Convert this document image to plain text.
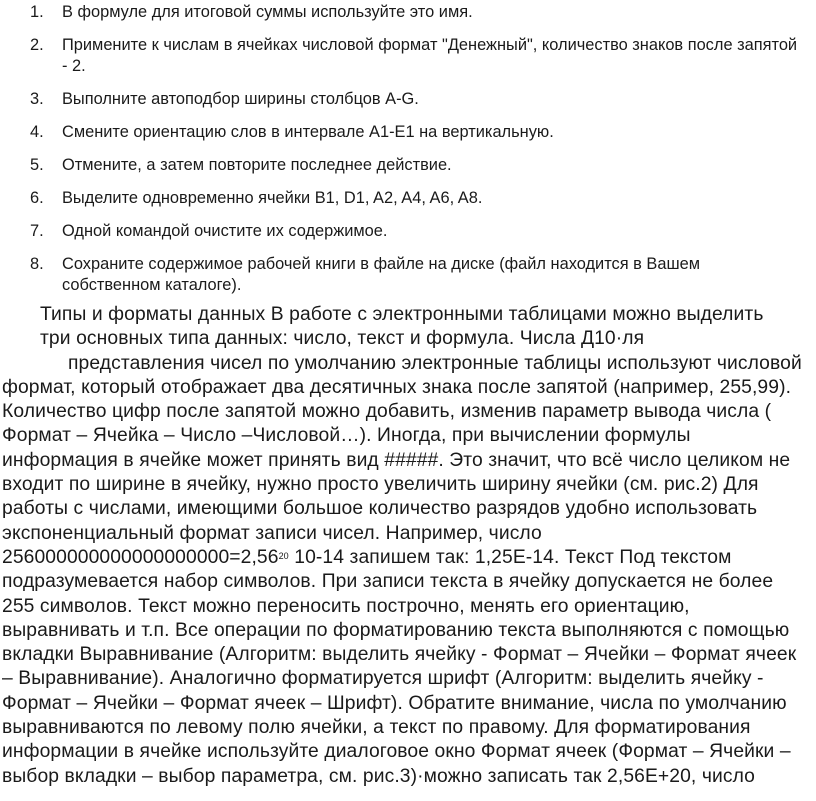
1. В формуле для итоговой суммы используйте это имя.
2. Примените к числам в ячейках числовой формат "Денежный", количество знаков после запятой - 2.
3. Выполните автоподбор ширины столбцов A-G.
4. Смените ориентацию слов в интервале A1-E1 на вертикальную.
5. Отмените, а затем повторите последнее действие.
6. Выделите одновременно ячейки B1, D1, A2, A4, A6, A8.
7. Одной командой очистите их содержимое.
8. Сохраните содержимое рабочей книги в файле на диске (файл находится в Вашем собственном каталоге).
Типы и форматы данных В работе с электронными таблицами можно выделить
три основных типа данных: число, текст и формула. Числа Д10·ля
представления чисел по умолчанию электронные таблицы используют числовой
формат, который отображает два десятичных знака после запятой (например, 255,99). Количество цифр после запятой можно добавить, изменив параметр вывода числа ( Формат – Ячейка – Число –Числовой…). Иногда, при вычислении формулы информация в ячейке может принять вид #####. Это значит, что всё число целиком не входит по ширине в ячейку, нужно просто увеличить ширину ячейки (см. рис.2) Для работы с числами, имеющими большое количество разрядов удобно использовать экспоненциальный формат записи чисел. Например, число $256000000000000000000=2,56^{20}$ 10-14 запишем так: 1,25E-14. Текст Под текстом подразумевается набор символов. При записи текста в ячейку допускается не более 255 символов. Текст можно переносить построчно, менять его ориентацию, выравнивать и т.п. Все операции по форматированию текста выполняются с помощью вкладки Выравнивание (Алгоритм: выделить ячейку - Формат – Ячейки – Формат ячеек – Выравнивание). Аналогично форматируется шрифт (Алгоритм: выделить ячейку - Формат – Ячейки – Формат ячеек – Шрифт). Обратите внимание, числа по умолчанию выравниваются по левому полю ячейки, а текст по правому. Для форматирования информации в ячейке используйте диалоговое окно Формат ячеек (Формат – Ячейки – выбор вкладки – выбор параметра, см. рис.3)·можно записать так 2,56E+20, число
